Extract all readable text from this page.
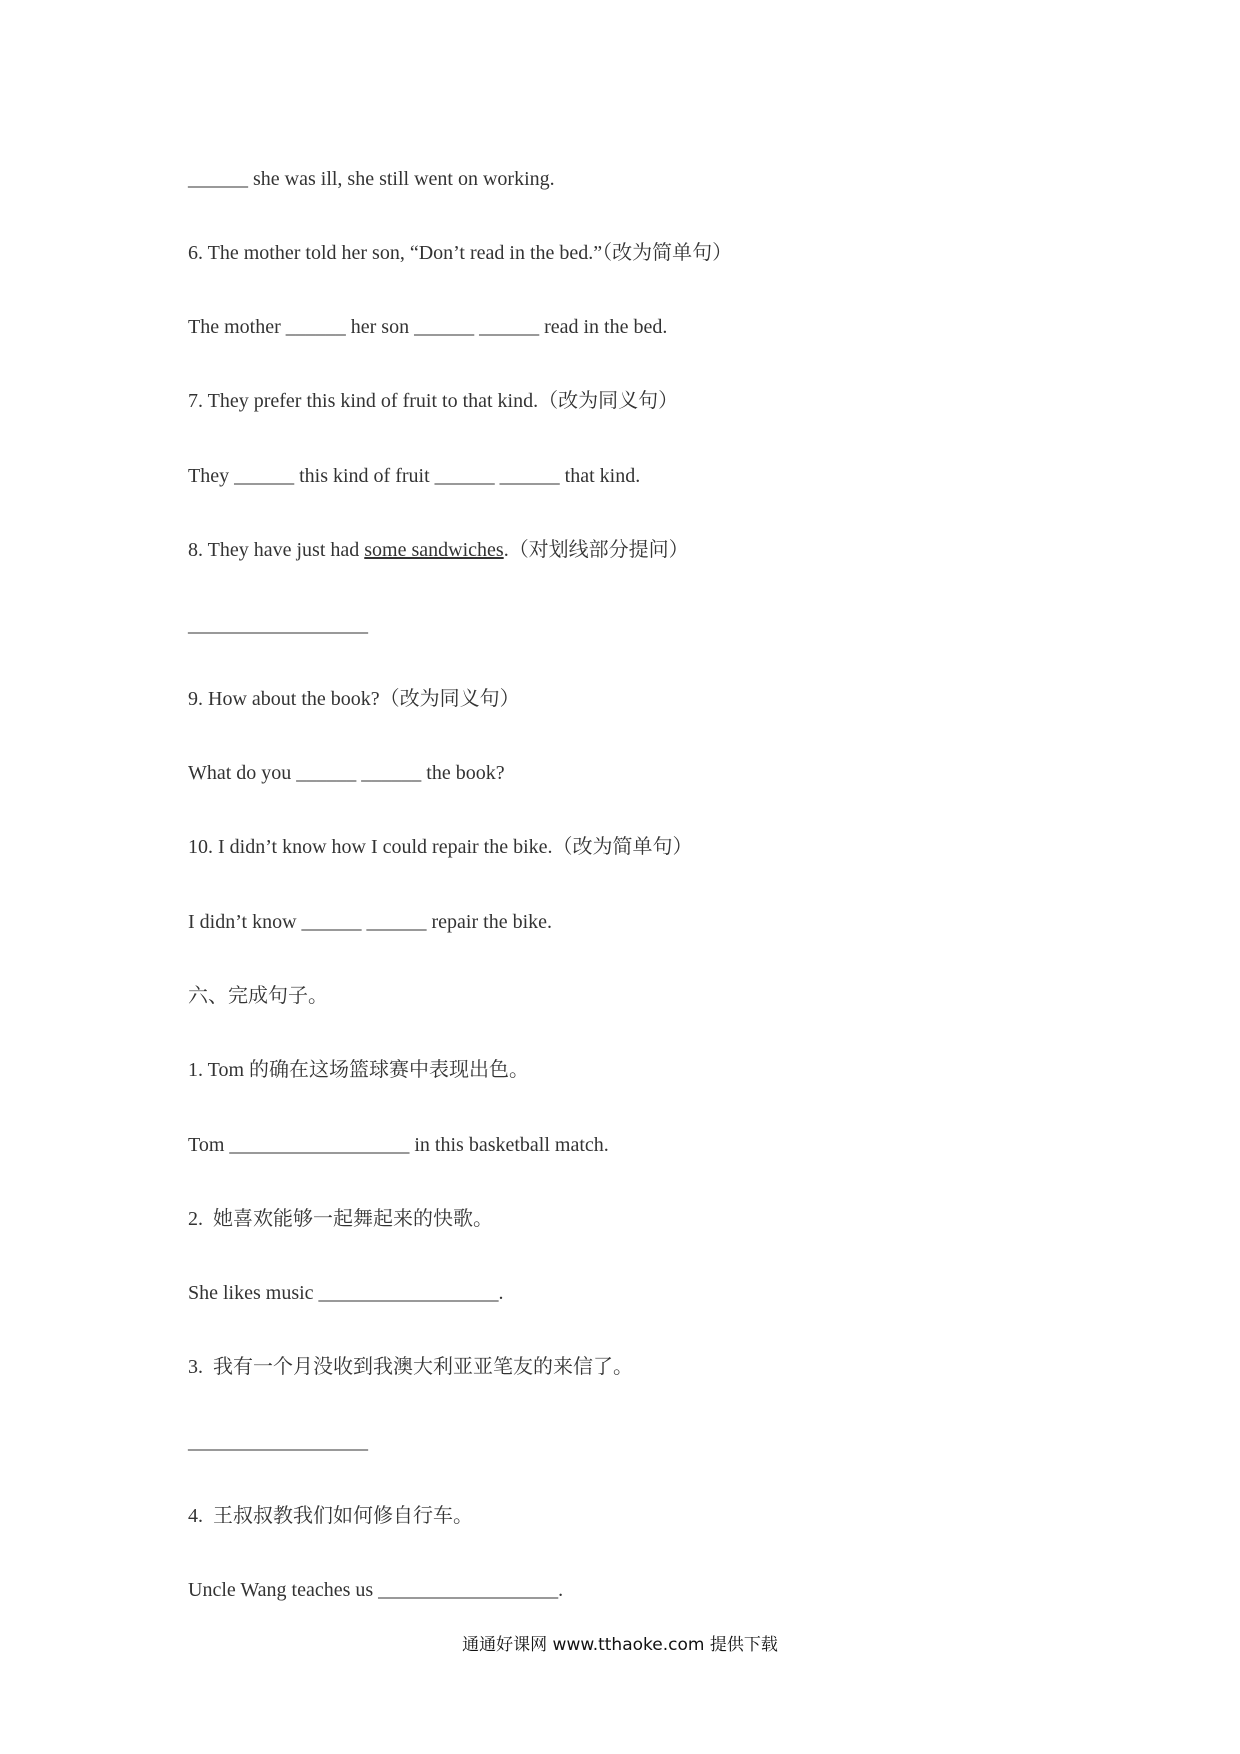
______ she was ill, she still went on working.
6. The mother told her son, “Don’t read in the bed.”（改为简单句）
The mother ______ her son ______ ______ read in the bed.
7. They prefer this kind of fruit to that kind.（改为同义句）
They ______ this kind of fruit ______ ______ that kind.
8. They have just had some sandwiches.（对划线部分提问）
__________________
9. How about the book?（改为同义句）
What do you ______ ______ the book?
10. I didn’t know how I could repair the bike.（改为简单句）
I didn’t know ______ ______ repair the bike.
六、完成句子。
1. Tom 的确在这场篮球赛中表现出色。
Tom __________________ in this basketball match.
2.  她喜欢能够一起舞起来的快歌。
She likes music __________________.
3.  我有一个月没收到我澳大利亚亚笔友的来信了。
__________________
4.  王叔叔教我们如何修自行车。
Uncle Wang teaches us __________________.
通通好课网 www.tthaoke.com 提供下载
